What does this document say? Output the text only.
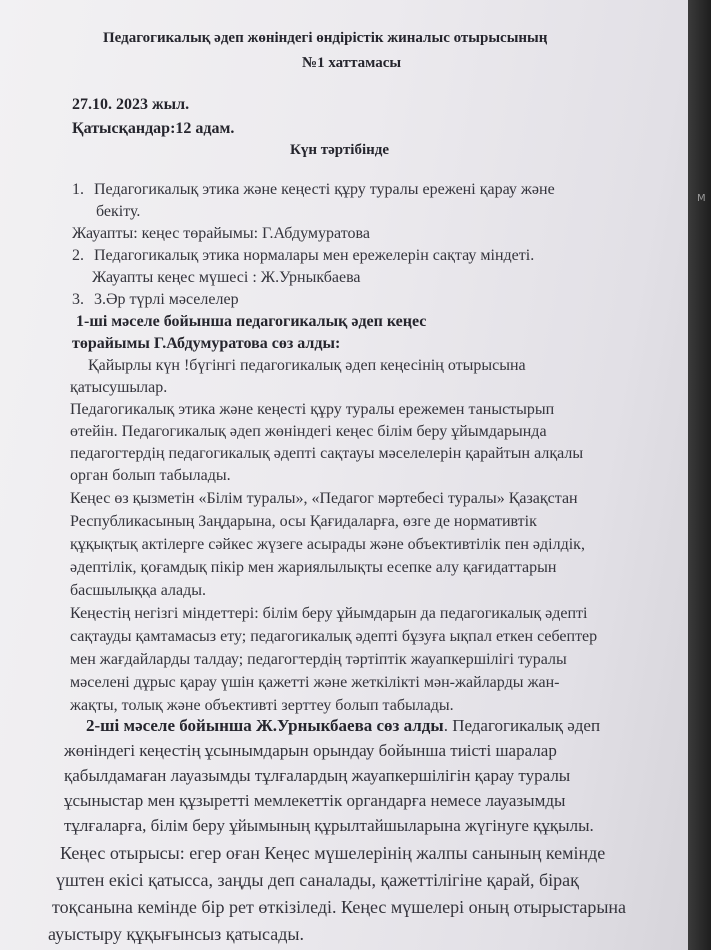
Педагогикалық әдеп жөніндегі өндірістік жиналыс отырысының
№1 хаттамасы
27.10. 2023 жыл.
Қатысқандар:12 адам.
Күн тәртібінде
1. Педагогикалық этика және кеңесті құру туралы ережені қарау және
бекіту.
Жауапты: кеңес төрайымы: Г.Абдумуратова
2. Педагогикалық этика нормалары мен ережелерін сақтау міндеті.
Жауапты кеңес мүшесі : Ж.Урныкбаева
3. 3.Әр түрлі мәселелер
1-ші мәселе бойынша педагогикалық әдеп кеңес
төрайымы Г.Абдумуратова сөз алды:
Қайырлы күн !бүгінгі педагогикалық әдеп кеңесінің отырысына
қатысушылар.
Педагогикалық этика және кеңесті құру туралы ережемен таныстырып
өтейін. Педагогикалық әдеп жөніндегі кеңес білім беру ұйымдарында
педагогтердің педагогикалық әдепті сақтауы мәселелерін қарайтын алқалы
орган болып табылады.
Кеңес өз қызметін «Білім туралы», «Педагог мәртебесі туралы» Қазақстан
Республикасының Заңдарына, осы Қағидаларға, өзге де нормативтік
құқықтық актілерге сәйкес жүзеге асырады және объективтілік пен әділдік,
әдептілік, қоғамдық пікір мен жариялылықты есепке алу қағидаттарын
басшылыққа алады.
Кеңестің негізгі міндеттері: білім беру ұйымдарын да педагогикалық әдепті
сақтауды қамтамасыз ету; педагогикалық әдепті бұзуға ықпал еткен себептер
мен жағдайларды талдау; педагогтердің тәртіптік жауапкершілігі туралы
мәселені дұрыс қарау үшін қажетті және жеткілікті мән-жайларды жан-
жақты, толық және объективті зерттеу болып табылады.
2-ші мәселе бойынша Ж.Урныкбаева сөз алды. Педагогикалық әдеп
жөніндегі кеңестің ұсынымдарын орындау бойынша тиісті шаралар
қабылдамаған лауазымды тұлғалардың жауапкершілігін қарау туралы
ұсыныстар мен құзыретті мемлекеттік органдарға немесе лауазымды
тұлғаларға, білім беру ұйымының құрылтайшыларына жүгінуге құқылы.
Кеңес отырысы: егер оған Кеңес мүшелерінің жалпы санының кемінде
үштен екісі қатысса, заңды деп саналады, қажеттілігіне қарай, бірақ
тоқсанына кемінде бір рет өткізіледі. Кеңес мүшелері оның отырыстарына
ауыстыру құқығынсыз қатысады.
M
